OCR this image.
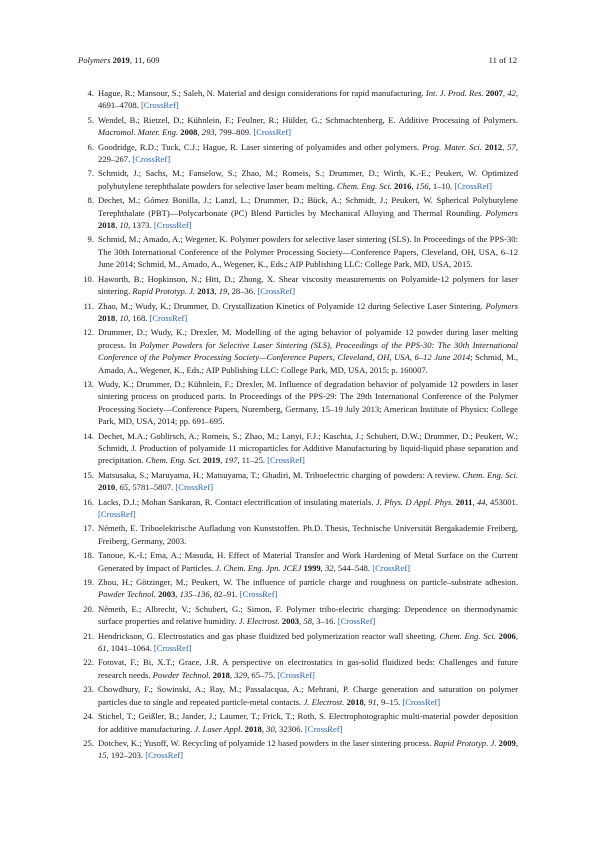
Polymers 2019, 11, 609	11 of 12
4. Hague, R.; Mansour, S.; Saleh, N. Material and design considerations for rapid manufacturing. Int. J. Prod. Res. 2007, 42, 4691–4708. [CrossRef]
5. Wendel, B.; Rietzel, D.; Kühnlein, F.; Feulner, R.; Hülder, G.; Schmachtenberg, E. Additive Processing of Polymers. Macromol. Mater. Eng. 2008, 293, 799–809. [CrossRef]
6. Goodridge, R.D.; Tuck, C.J.; Hague, R. Laser sintering of polyamides and other polymers. Prog. Mater. Sci. 2012, 57, 229–267. [CrossRef]
7. Schmidt, J.; Sachs, M.; Fanselow, S.; Zhao, M.; Romeis, S.; Drummer, D.; Wirth, K.-E.; Peukert, W. Optimized polybutylene terephthalate powders for selective laser beam melting. Chem. Eng. Sci. 2016, 156, 1–10. [CrossRef]
8. Dechet, M.; Gómez Bonilla, J.; Lanzl, L.; Drummer, D.; Bück, A.; Schmidt, J.; Peukert, W. Spherical Polybutylene Terephthalate (PBT)—Polycarbonate (PC) Blend Particles by Mechanical Alloying and Thermal Rounding. Polymers 2018, 10, 1373. [CrossRef]
9. Schmid, M.; Amado, A.; Wegener, K. Polymer powders for selective laser sintering (SLS). In Proceedings of the PPS-30: The 30th International Conference of the Polymer Processing Society—Conference Papers, Cleveland, OH, USA, 6–12 June 2014; Schmid, M., Amado, A., Wegener, K., Eds.; AIP Publishing LLC: College Park, MD, USA, 2015.
10. Haworth, B.; Hopkinson, N.; Hitt, D.; Zhong, X. Shear viscosity measurements on Polyamide-12 polymers for laser sintering. Rapid Prototyp. J. 2013, 19, 28–36. [CrossRef]
11. Zhao, M.; Wudy, K.; Drummer, D. Crystallization Kinetics of Polyamide 12 during Selective Laser Sintering. Polymers 2018, 10, 168. [CrossRef]
12. Drummer, D.; Wudy, K.; Drexler, M. Modelling of the aging behavior of polyamide 12 powder during laser melting process. In Polymer Powders for Selective Laser Sintering (SLS), Proceedings of the PPS-30: The 30th International Conference of the Polymer Processing Society—Conference Papers, Cleveland, OH, USA, 6–12 June 2014; Schmid, M., Amado, A., Wegener, K., Eds.; AIP Publishing LLC: College Park, MD, USA, 2015; p. 160007.
13. Wudy, K.; Drummer, D.; Kühnlein, F.; Drexler, M. Influence of degradation behavior of polyamide 12 powders in laser sintering process on produced parts. In Proceedings of the PPS-29: The 29th International Conference of the Polymer Processing Society—Conference Papers, Nuremberg, Germany, 15–19 July 2013; American Institute of Physics: College Park, MD, USA, 2014; pp. 691–695.
14. Dechet, M.A.; Goblirsch, A.; Romeis, S.; Zhao, M.; Lanyi, F.J.; Kaschta, J.; Schubert, D.W.; Drummer, D.; Peukert, W.; Schmidt, J. Production of polyamide 11 microparticles for Additive Manufacturing by liquid-liquid phase separation and precipitation. Chem. Eng. Sci. 2019, 197, 11–25. [CrossRef]
15. Matsusaka, S.; Maruyama, H.; Matsuyama, T.; Ghadiri, M. Triboelectric charging of powders: A review. Chem. Eng. Sci. 2010, 65, 5781–5807. [CrossRef]
16. Lacks, D.J.; Mohan Sankaran, R. Contact electrification of insulating materials. J. Phys. D Appl. Phys. 2011, 44, 453001. [CrossRef]
17. Németh, E. Triboelektrische Aufladung von Kunststoffen. Ph.D. Thesis, Technische Universität Bergakademie Freiberg, Freiberg, Germany, 2003.
18. Tanoue, K.-I.; Ema, A.; Masuda, H. Effect of Material Transfer and Work Hardening of Metal Surface on the Current Generated by Impact of Particles. J. Chem. Eng. Jpn. JCEJ 1999, 32, 544–548. [CrossRef]
19. Zhou, H.; Götzinger, M.; Peukert, W. The influence of particle charge and roughness on particle–substrate adhesion. Powder Technol. 2003, 135–136, 82–91. [CrossRef]
20. Németh, E.; Albrecht, V.; Schubert, G.; Simon, F. Polymer tribo-electric charging: Dependence on thermodynamic surface properties and relative humidity. J. Electrost. 2003, 58, 3–16. [CrossRef]
21. Hendrickson, G. Electrostatics and gas phase fluidized bed polymerization reactor wall sheeting. Chem. Eng. Sci. 2006, 61, 1041–1064. [CrossRef]
22. Fotovat, F.; Bi, X.T.; Grace, J.R. A perspective on electrostatics in gas-solid fluidized beds: Challenges and future research needs. Powder Technol. 2018, 329, 65–75. [CrossRef]
23. Chowdhury, F.; Sowinski, A.; Ray, M.; Passalacqua, A.; Mehrani, P. Charge generation and saturation on polymer particles due to single and repeated particle-metal contacts. J. Electrost. 2018, 91, 9–15. [CrossRef]
24. Stichel, T.; Geißler, B.; Jander, J.; Laumer, T.; Frick, T.; Roth, S. Electrophotographic multi-material powder deposition for additive manufacturing. J. Laser Appl. 2018, 30, 32306. [CrossRef]
25. Dotchev, K.; Yusoff, W. Recycling of polyamide 12 based powders in the laser sintering process. Rapid Prototyp. J. 2009, 15, 192–203. [CrossRef]
